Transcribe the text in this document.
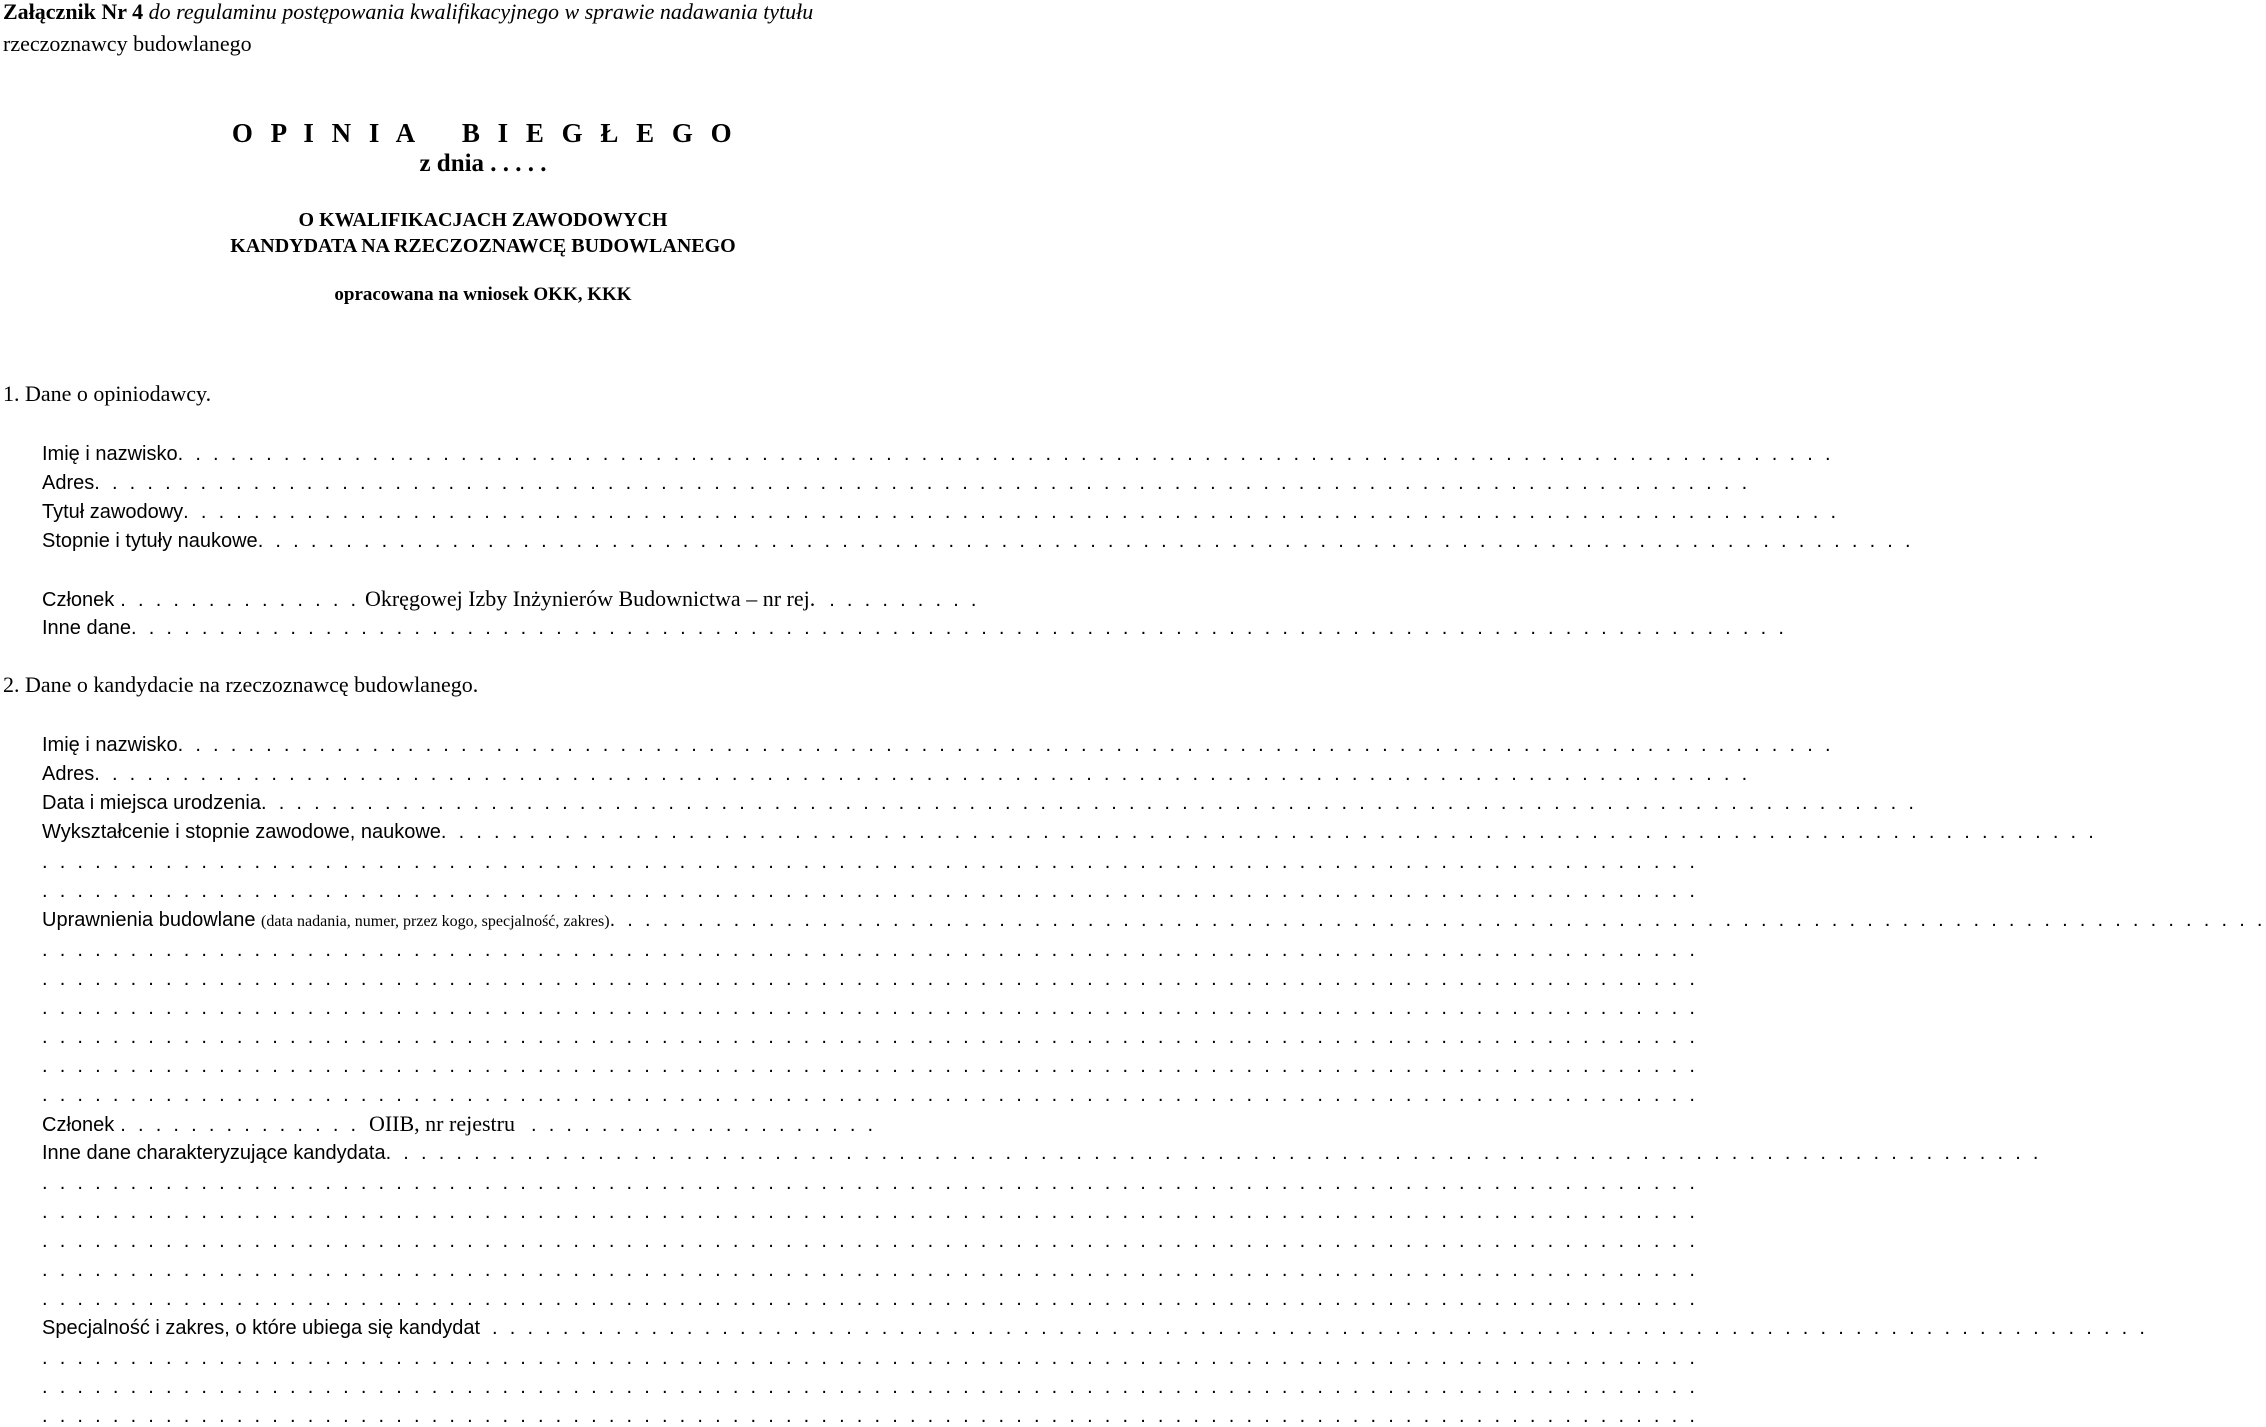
Załącznik Nr 4 do regulaminu postępowania kwalifikacyjnego w sprawie nadawania tytułu
rzeczoznawcy budowlanego
O P I N I A   B I E G Ł E G O
z dnia . . . . .
O KWALIFIKACJACH ZAWODOWYCH
KANDYDATA NA RZECZOZNAWCĘ BUDOWLANEGO
opracowana na wniosek OKK, KKK
1. Dane o opiniodawcy.
Imię i nazwisko. . . . . . . . . . . . . . . . . . . . . . . . . . . . . . . . . . . . . . . . . . . . . . . . . . . . . . . . . . . . . . . . . . . . . . . . . . . . . . . . . . . . . . . . . . . . . .
Adres. . . . . . . . . . . . . . . . . . . . . . . . . . . . . . . . . . . . . . . . . . . . . . . . . . . . . . . . . . . . . . . . . . . . . . . . . . . . . . . . . . . . . . . . . . . . . .
Tytuł zawodowy. . . . . . . . . . . . . . . . . . . . . . . . . . . . . . . . . . . . . . . . . . . . . . . . . . . . . . . . . . . . . . . . . . . . . . . . . . . . . . . . . . . . . . . . . . . . . .
Stopnie i tytuły naukowe. . . . . . . . . . . . . . . . . . . . . . . . . . . . . . . . . . . . . . . . . . . . . . . . . . . . . . . . . . . . . . . . . . . . . . . . . . . . . . . . . . . . . . . . . . . . . .
Członek . . . . . . . . . . . . . . Okręgowej Izby Inżynierów Budownictwa – nr rej. . . . . . . . . .
Inne dane. . . . . . . . . . . . . . . . . . . . . . . . . . . . . . . . . . . . . . . . . . . . . . . . . . . . . . . . . . . . . . . . . . . . . . . . . . . . . . . . . . . . . . . . . . . . . .
2. Dane o kandydacie na rzeczoznawcę budowlanego.
Imię i nazwisko. . . . . . . . . . . . . . . . . . . . . . . . . . . . . . . . . . . . . . . . . . . . . . . . . . . . . . . . . . . . . . . . . . . . . . . . . . . . . . . . . . . . . . . . . . . . . .
Adres. . . . . . . . . . . . . . . . . . . . . . . . . . . . . . . . . . . . . . . . . . . . . . . . . . . . . . . . . . . . . . . . . . . . . . . . . . . . . . . . . . . . . . . . . . . . . .
Data i miejsca urodzenia. . . . . . . . . . . . . . . . . . . . . . . . . . . . . . . . . . . . . . . . . . . . . . . . . . . . . . . . . . . . . . . . . . . . . . . . . . . . . . . . . . . . . . . . . . . . . .
Wykształcenie i stopnie zawodowe, naukowe. . . . . . . . . . . . . . . . . . . . . . . . . . . . . . . . . . . . . . . . . . . . . . . . . . . . . . . . . . . . . . . . . . . . . . . . . . . . . . . . . . . . . . . . . . . . . .
. . . . . . . . . . . . . . . . . . . . . . . . . . . . . . . . . . . . . . . . . . . . . . . . . . . . . . . . . . . . . . . . . . . . . . . . . . . . . . . . . . . . . . . . . . . . . .
. . . . . . . . . . . . . . . . . . . . . . . . . . . . . . . . . . . . . . . . . . . . . . . . . . . . . . . . . . . . . . . . . . . . . . . . . . . . . . . . . . . . . . . . . . . . . .
Uprawnienia budowlane (data nadania, numer, przez kogo, specjalność, zakres). . . . . . . . . . . . . . . . . . . . . . . . . . . . . . . . . . . . . . . . . . . . . . . . . . . . . . . . . . . . . . . . . . . . . . . . . . . . . . . . . . . . . . . . . . . . . .
. . . . . . . . . . . . . . . . . . . . . . . . . . . . . . . . . . . . . . . . . . . . . . . . . . . . . . . . . . . . . . . . . . . . . . . . . . . . . . . . . . . . . . . . . . . . . .
. . . . . . . . . . . . . . . . . . . . . . . . . . . . . . . . . . . . . . . . . . . . . . . . . . . . . . . . . . . . . . . . . . . . . . . . . . . . . . . . . . . . . . . . . . . . . .
. . . . . . . . . . . . . . . . . . . . . . . . . . . . . . . . . . . . . . . . . . . . . . . . . . . . . . . . . . . . . . . . . . . . . . . . . . . . . . . . . . . . . . . . . . . . . .
. . . . . . . . . . . . . . . . . . . . . . . . . . . . . . . . . . . . . . . . . . . . . . . . . . . . . . . . . . . . . . . . . . . . . . . . . . . . . . . . . . . . . . . . . . . . . .
. . . . . . . . . . . . . . . . . . . . . . . . . . . . . . . . . . . . . . . . . . . . . . . . . . . . . . . . . . . . . . . . . . . . . . . . . . . . . . . . . . . . . . . . . . . . . .
. . . . . . . . . . . . . . . . . . . . . . . . . . . . . . . . . . . . . . . . . . . . . . . . . . . . . . . . . . . . . . . . . . . . . . . . . . . . . . . . . . . . . . . . . . . . . .
Członek . . . . . . . . . . . . . . OIIB, nr rejestru . . . . . . . . . . . . . . . . . . . .
Inne dane charakteryzujące kandydata. . . . . . . . . . . . . . . . . . . . . . . . . . . . . . . . . . . . . . . . . . . . . . . . . . . . . . . . . . . . . . . . . . . . . . . . . . . . . . . . . . . . . . . . . . . . . .
. . . . . . . . . . . . . . . . . . . . . . . . . . . . . . . . . . . . . . . . . . . . . . . . . . . . . . . . . . . . . . . . . . . . . . . . . . . . . . . . . . . . . . . . . . . . . .
. . . . . . . . . . . . . . . . . . . . . . . . . . . . . . . . . . . . . . . . . . . . . . . . . . . . . . . . . . . . . . . . . . . . . . . . . . . . . . . . . . . . . . . . . . . . . .
. . . . . . . . . . . . . . . . . . . . . . . . . . . . . . . . . . . . . . . . . . . . . . . . . . . . . . . . . . . . . . . . . . . . . . . . . . . . . . . . . . . . . . . . . . . . . .
. . . . . . . . . . . . . . . . . . . . . . . . . . . . . . . . . . . . . . . . . . . . . . . . . . . . . . . . . . . . . . . . . . . . . . . . . . . . . . . . . . . . . . . . . . . . . .
. . . . . . . . . . . . . . . . . . . . . . . . . . . . . . . . . . . . . . . . . . . . . . . . . . . . . . . . . . . . . . . . . . . . . . . . . . . . . . . . . . . . . . . . . . . . . .
Specjalność i zakres, o które ubiega się kandydat . . . . . . . . . . . . . . . . . . . . . . . . . . . . . . . . . . . . . . . . . . . . . . . . . . . . . . . . . . . . . . . . . . . . . . . . . . . . . . . . . . . . . . . . . . . . . .
. . . . . . . . . . . . . . . . . . . . . . . . . . . . . . . . . . . . . . . . . . . . . . . . . . . . . . . . . . . . . . . . . . . . . . . . . . . . . . . . . . . . . . . . . . . . . .
. . . . . . . . . . . . . . . . . . . . . . . . . . . . . . . . . . . . . . . . . . . . . . . . . . . . . . . . . . . . . . . . . . . . . . . . . . . . . . . . . . . . . . . . . . . . . .
. . . . . . . . . . . . . . . . . . . . . . . . . . . . . . . . . . . . . . . . . . . . . . . . . . . . . . . . . . . . . . . . . . . . . . . . . . . . . . . . . . . . . . . . . . . . . .
